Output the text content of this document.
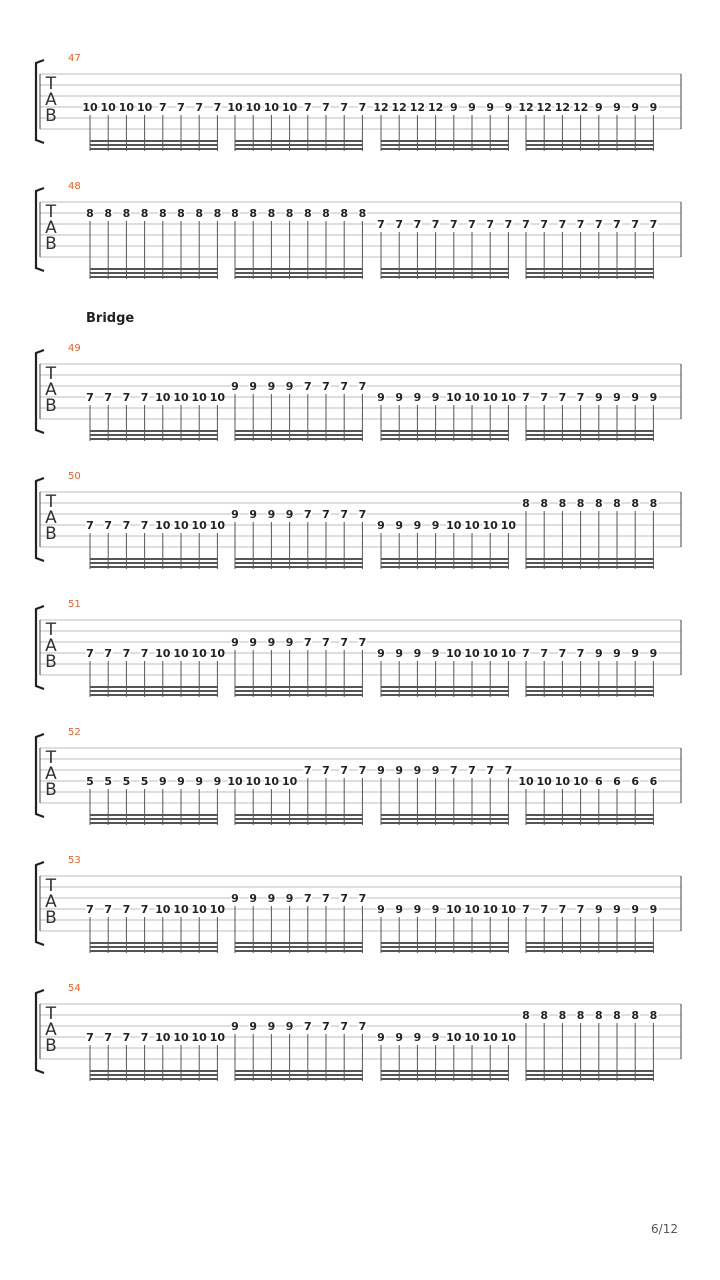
47
T
A
B 10 10 10 10 7 7 7 7 10 10 10 10 7 7 7 7 12 12 12 12 9 9 9 9 12 12 12 12 9 9 9 9
48
T
A
B
8 8 8 8 8 8 8 8 8 8 8 8 8 8 8 8
7 7 7 7 7 7 7 7 7 7 7 7 7 7 7 7
49
T
A
B	7 7 7 7 10 10 10 10
9 9 9 9 7 7 7 7
9 9 9 9 10 10 10 10 7 7 7 7 9 9 9 9
50
T
A
B	7 7 7 7 10 10 10 10
9 9 9 9 7 7 7 7
9 9 9 9 10 10 10 10
8 8 8 8 8 8 8 8
51
T
A
B	7 7 7 7 10 10 10 10
9 9 9 9 7 7 7 7
9 9 9 9 10 10 10 10 7 7 7 7 9 9 9 9
52
T
A
B	5 5 5 5 9 9 9 9 10 10 10 10
7 7 7 7 9 9 9 9 7 7 7 7
10 10 10 10 6 6 6 6
53
T
A
B	7 7 7 7 10 10 10 10
9 9 9 9 7 7 7 7
9 9 9 9 10 10 10 10 7 7 7 7 9 9 9 9
54
T
A
B	7 7 7 7 10 10 10 10
9 9 9 9 7 7 7 7
9 9 9 9 10 10 10 10
8 8 8 8 8 8 8 8
Bridge
6/12
